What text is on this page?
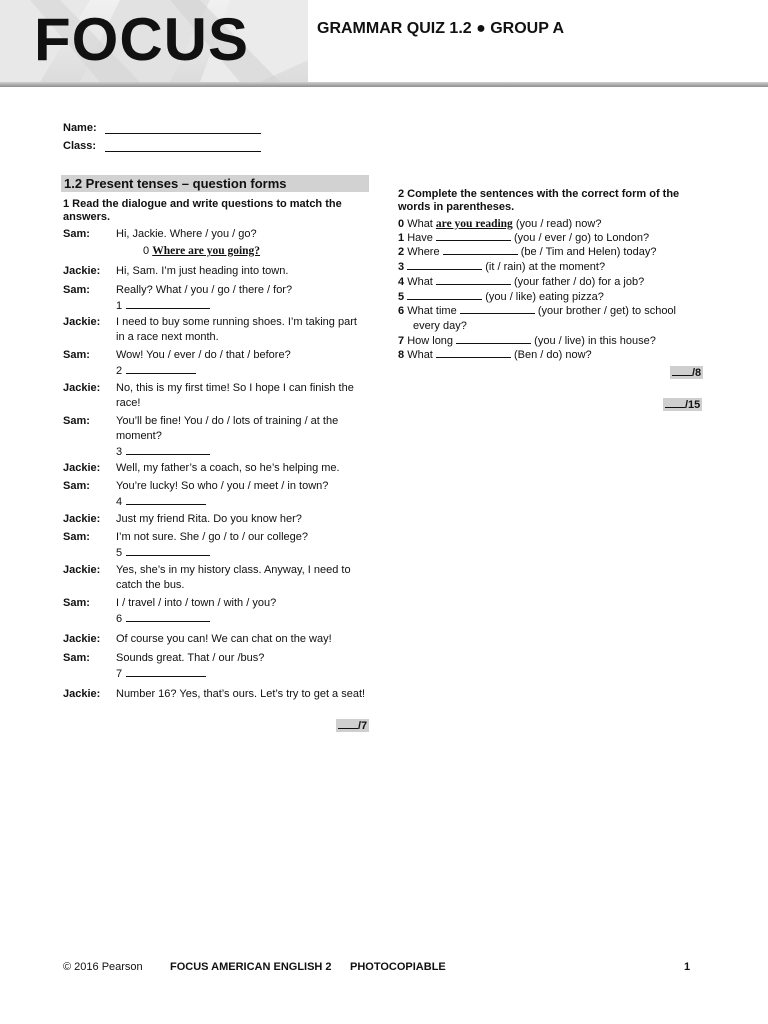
FOCUS	GRAMMAR QUIZ 1.2 ● GROUP A
Name:
Class:
1.2 Present tenses – question forms
1 Read the dialogue and write questions to match the answers.
Sam:	Hi, Jackie. Where / you / go?
0 Where are you going?
Jackie:	Hi, Sam. I’m just heading into town.
Sam:	Really? What / you / go / there / for?
1
Jackie:	I need to buy some running shoes. I’m taking part in a race next month.
Sam:	Wow! You / ever / do / that / before?
2
Jackie:	No, this is my first time! So I hope I can finish the race!
Sam:	You’ll be fine! You / do / lots of training / at the moment?
3
Jackie:	Well, my father’s a coach, so he’s helping me.
Sam:	You’re lucky! So who / you / meet / in town?
4
Jackie:	Just my friend Rita. Do you know her?
Sam:	I’m not sure. She / go / to / our college?
5
Jackie:	Yes, she’s in my history class. Anyway, I need to catch the bus.
Sam:	I / travel / into / town / with / you?
6
Jackie:	Of course you can! We can chat on the way!
Sam:	Sounds great. That / our /bus?
7
Jackie:	Number 16? Yes, that’s ours. Let’s try to get a seat!
/7
2 Complete the sentences with the correct form of the words in parentheses.
0 What are you reading (you / read) now?
1 Have	(you / ever / go) to London?
2 Where	(be / Tim and Helen) today?
3	(it / rain) at the moment?
4 What	(your father / do) for a job?
5	(you / like) eating pizza?
6 What time	(your brother / get) to school
every day?
7 How long	(you / live) in this house?
8 What	(Ben / do) now?
/8
/15
© 2016 Pearson FOCUS AMERICAN ENGLISH 2 PHOTOCOPIABLE	1
